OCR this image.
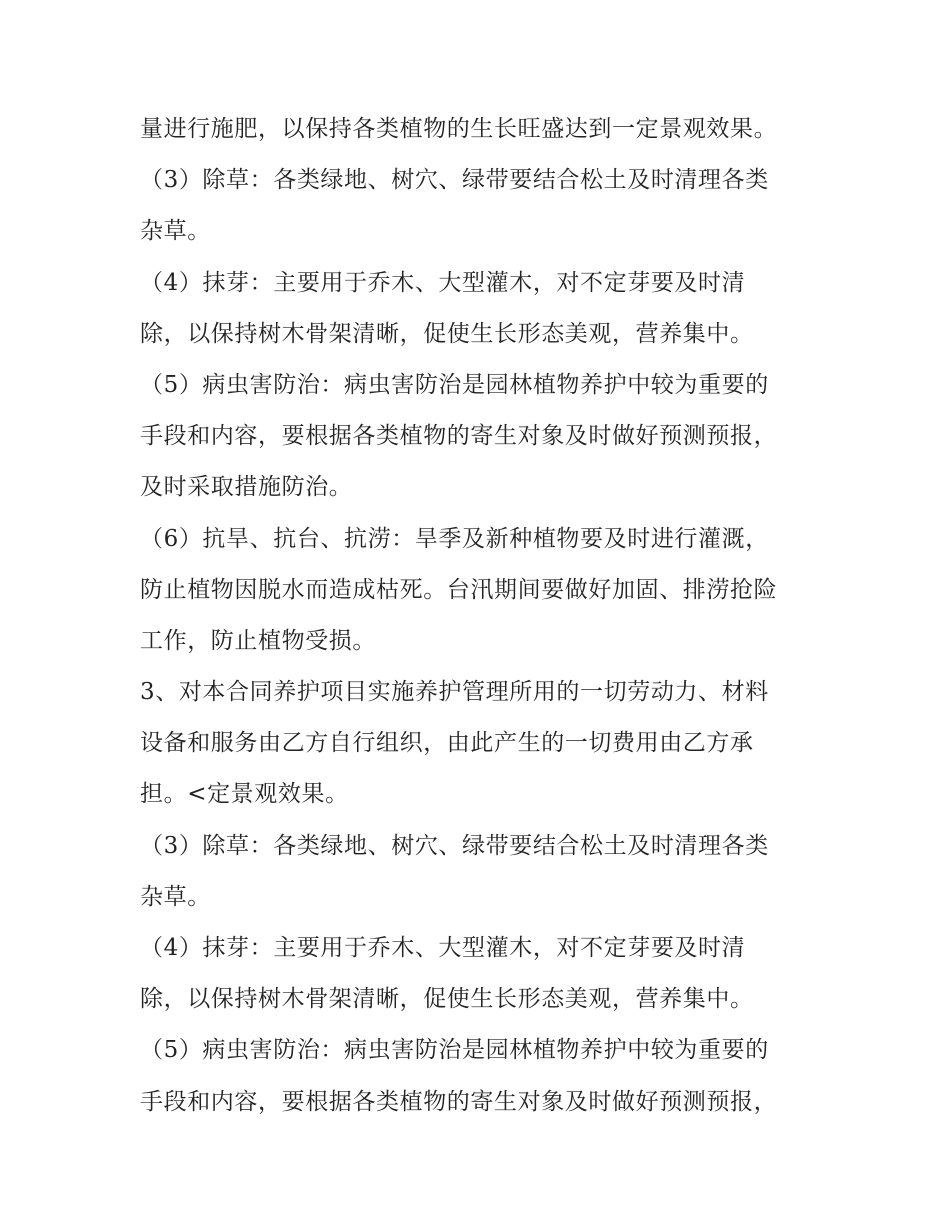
量进行施肥，以保持各类植物的生长旺盛达到一定景观效果。
（3）除草：各类绿地、树穴、绿带要结合松土及时清理各类
杂草。
（4）抹芽：主要用于乔木、大型灌木，对不定芽要及时清
除，以保持树木骨架清晰，促使生长形态美观，营养集中。
（5）病虫害防治：病虫害防治是园林植物养护中较为重要的
手段和内容，要根据各类植物的寄生对象及时做好预测预报，
及时采取措施防治。
（6）抗旱、抗台、抗涝：旱季及新种植物要及时进行灌溉，
防止植物因脱水而造成枯死。台汛期间要做好加固、排涝抢险
工作，防止植物受损。
3、对本合同养护项目实施养护管理所用的一切劳动力、材料
设备和服务由乙方自行组织，由此产生的一切费用由乙方承
担。<定景观效果。
（3）除草：各类绿地、树穴、绿带要结合松土及时清理各类
杂草。
（4）抹芽：主要用于乔木、大型灌木，对不定芽要及时清
除，以保持树木骨架清晰，促使生长形态美观，营养集中。
（5）病虫害防治：病虫害防治是园林植物养护中较为重要的
手段和内容，要根据各类植物的寄生对象及时做好预测预报，
